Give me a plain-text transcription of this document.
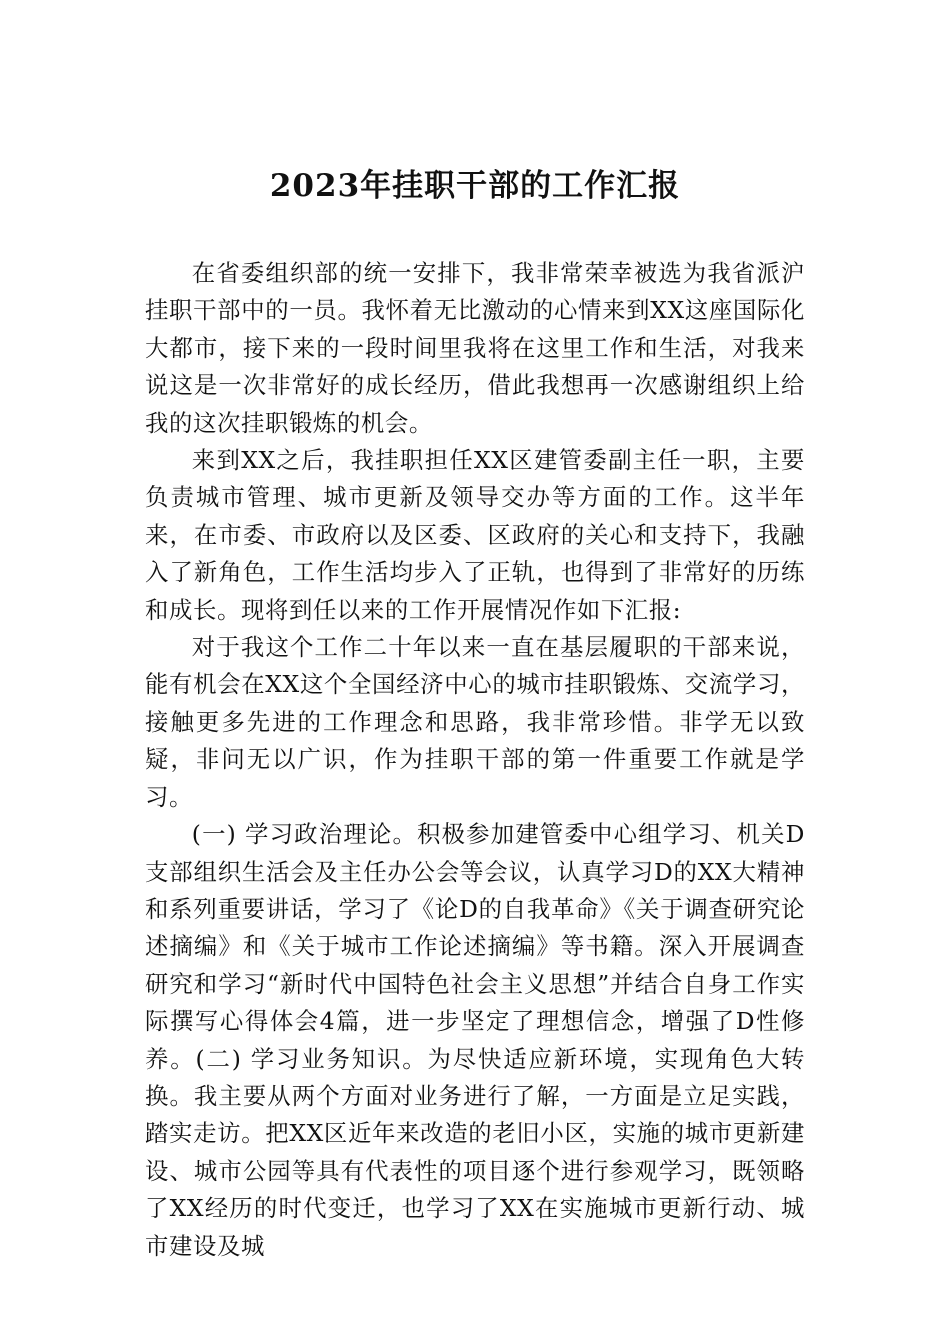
2023年挂职干部的工作汇报

在省委组织部的统一安排下，我非常荣幸被选为我省派沪挂职干部中的一员。我怀着无比激动的心情来到XX这座国际化大都市，接下来的一段时间里我将在这里工作和生活，对我来说这是一次非常好的成长经历，借此我想再一次感谢组织上给我的这次挂职锻炼的机会。

来到XX之后，我挂职担任XX区建管委副主任一职，主要负责城市管理、城市更新及领导交办等方面的工作。这半年来，在市委、市政府以及区委、区政府的关心和支持下，我融入了新角色，工作生活均步入了正轨，也得到了非常好的历练和成长。现将到任以来的工作开展情况作如下汇报:

对于我这个工作二十年以来一直在基层履职的干部来说，能有机会在XX这个全国经济中心的城市挂职锻炼、交流学习，接触更多先进的工作理念和思路，我非常珍惜。非学无以致疑，非问无以广识，作为挂职干部的第一件重要工作就是学习。

(一) 学习政治理论。积极参加建管委中心组学习、机关D支部组织生活会及主任办公会等会议，认真学习D的XX大精神和系列重要讲话，学习了《论D的自我革命》《关于调查研究论述摘编》和《关于城市工作论述摘编》等书籍。深入开展调查研究和学习“新时代中国特色社会主义思想”并结合自身工作实际撰写心得体会4篇，进一步坚定了理想信念，增强了D性修养。(二) 学习业务知识。为尽快适应新环境，实现角色大转换。我主要从两个方面对业务进行了解，一方面是立足实践，踏实走访。把XX区近年来改造的老旧小区，实施的城市更新建设、城市公园等具有代表性的项目逐个进行参观学习，既领略了XX经历的时代变迁，也学习了XX在实施城市更新行动、城市建设及城
